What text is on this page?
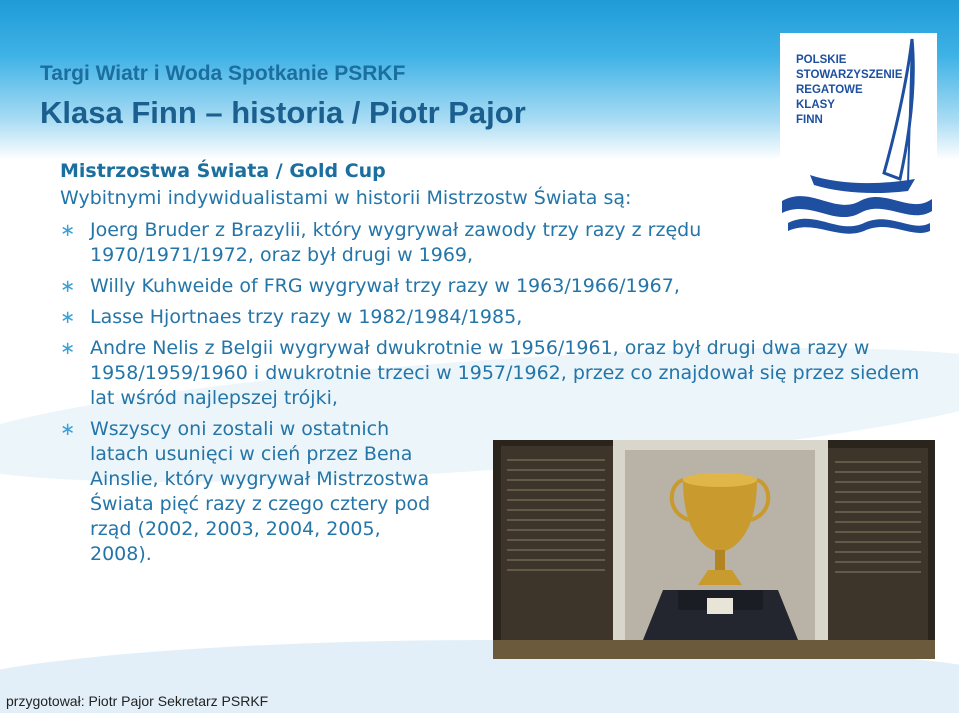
Targi Wiatr i Woda Spotkanie PSRKF

Klasa Finn – historia / Piotr Pajor

POLSKIE
STOWARZYSZENIE
REGATOWE
KLASY
FINN

Mistrzostwa Świata / Gold Cup

Wybitnymi indywidualistami w historii Mistrzostw Świata są:

∗ Joerg Bruder z Brazylii, który wygrywał zawody trzy razy z rzędu 1970/1971/1972, oraz był drugi w 1969,
∗ Willy Kuhweide of FRG wygrywał trzy razy w 1963/1966/1967,
∗ Lasse Hjortnaes trzy razy w 1982/1984/1985,
∗ Andre Nelis z Belgii wygrywał dwukrotnie w 1956/1961, oraz był drugi dwa razy w 1958/1959/1960 i dwukrotnie trzeci w 1957/1962, przez co znajdował się przez siedem lat wśród najlepszej trójki,
∗ Wszyscy oni zostali w ostatnich latach usunięci w cień przez Bena Ainslie, który wygrywał Mistrzostwa Świata pięć razy z czego cztery pod rząd (2002, 2003, 2004, 2005, 2008).

przygotował: Piotr Pajor Sekretarz PSRKF
